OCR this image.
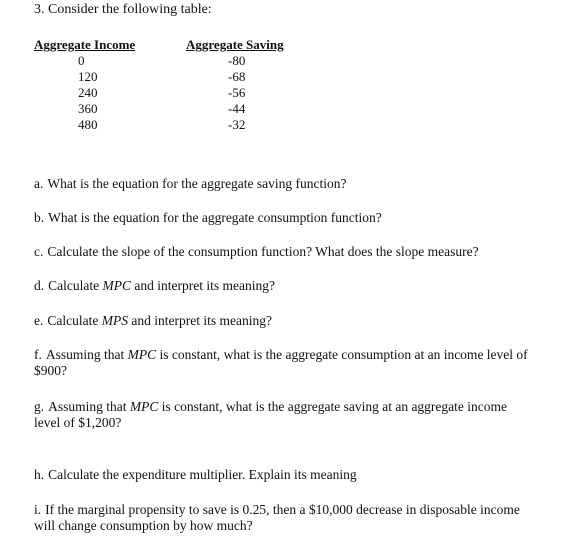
3. Consider the following table:
Aggregate Income	Aggregate Saving
0	-80
120	-68
240	-56
360	-44
480	-32
a. What is the equation for the aggregate saving function?
b. What is the equation for the aggregate consumption function?
c. Calculate the slope of the consumption function? What does the slope measure?
d. Calculate MPC and interpret its meaning?
e. Calculate MPS and interpret its meaning?
f. Assuming that MPC is constant, what is the aggregate consumption at an income level of $900?
g. Assuming that MPC is constant, what is the aggregate saving at an aggregate income level of $1,200?
h. Calculate the expenditure multiplier. Explain its meaning
i. If the marginal propensity to save is 0.25, then a $10,000 decrease in disposable income will change consumption by how much?
